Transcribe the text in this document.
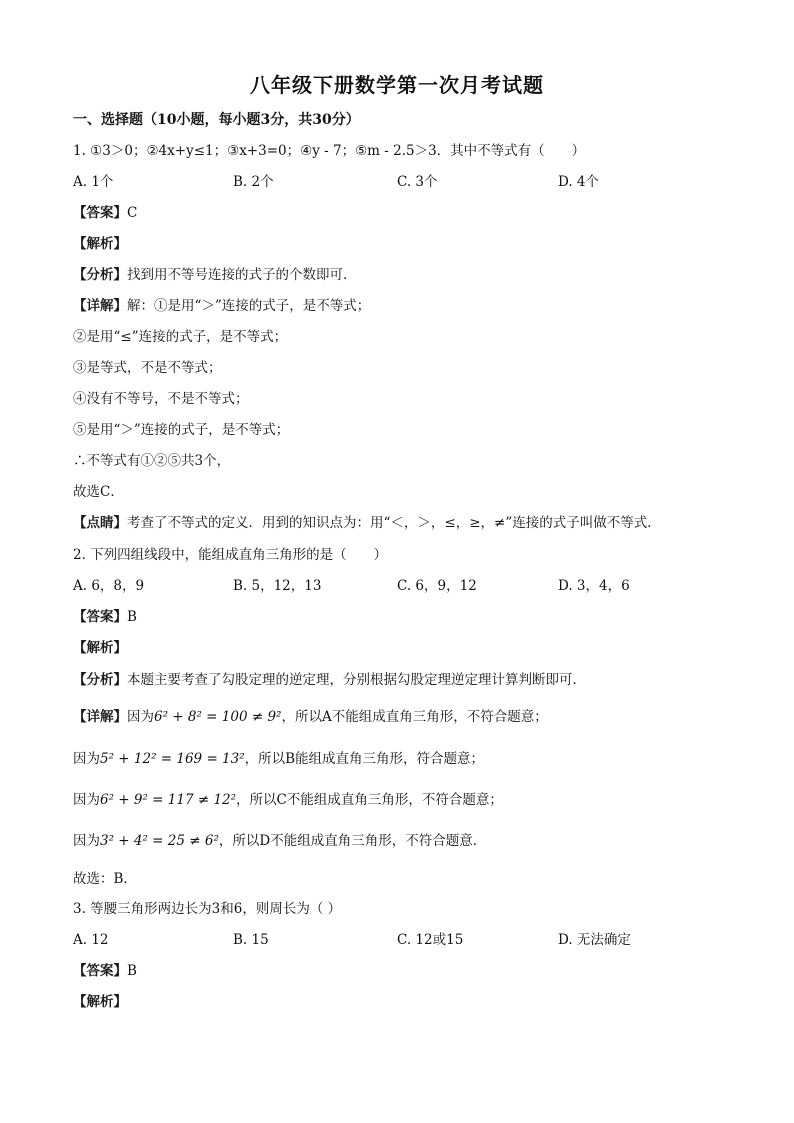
八年级下册数学第一次月考试题
一、选择题（10小题，每小题3分，共30分）
1. ①3＞0；②4x+y≤1；③x+3=0；④y - 7；⑤m - 2.5＞3．其中不等式有（　　）
A. 1个	B. 2个	C. 3个	D. 4个
【答案】C
【解析】
【分析】找到用不等号连接的式子的个数即可．
【详解】解：①是用“＞”连接的式子，是不等式；
②是用“≤”连接的式子，是不等式；
③是等式，不是不等式；
④没有不等号，不是不等式；
⑤是用“＞”连接的式子，是不等式；
∴不等式有①②⑤共3个，
故选C．
【点睛】考查了不等式的定义．用到的知识点为：用“＜，＞，≤，≥，≠”连接的式子叫做不等式．
2. 下列四组线段中，能组成直角三角形的是（　　）
A. 6，8，9	B. 5，12，13	C. 6，9，12	D. 3，4，6
【答案】B
【解析】
【分析】本题主要考查了勾股定理的逆定理，分别根据勾股定理逆定理计算判断即可．
【详解】因为6² + 8² = 100 ≠ 9²，所以A不能组成直角三角形，不符合题意；
因为5² + 12² = 169 = 13²，所以B能组成直角三角形，符合题意；
因为6² + 9² = 117 ≠ 12²，所以C不能组成直角三角形，不符合题意；
因为3² + 4² = 25 ≠ 6²，所以D不能组成直角三角形，不符合题意．
故选：B．
3. 等腰三角形两边长为3和6，则周长为（ ）
A. 12	B. 15	C. 12或15	D. 无法确定
【答案】B
【解析】
